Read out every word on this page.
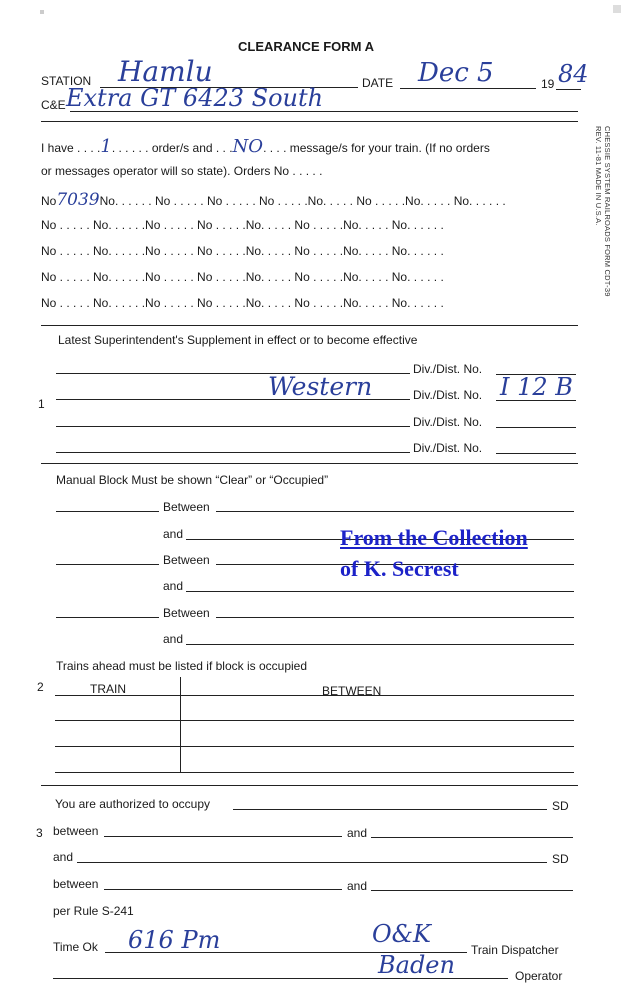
CLEARANCE FORM A
STATION Hamlu	DATE Dec 5	19 84
C&E Extra GT 6423 South
CHESSIE SYSTEM RAILROADS FORM CDT-39
REV. 11-81 MADE IN U.S.A.
I have . . . .1. . . . . . order/s and . . .NO. . . . message/s for your train. (If no orders
or messages operator will so state). Orders No . . . . .
No7039No. . . . . . No . . . . . No . . . . . No . . . . .No. . . . . No . . . . .No. . . . . No. . . . . .
No . . . . . No. . . . . .No . . . . . No . . . . .No. . . . . No . . . . .No. . . . . No. . . . . .
No . . . . . No. . . . . .No . . . . . No . . . . .No. . . . . No . . . . .No. . . . . No. . . . . .
No . . . . . No. . . . . .No . . . . . No . . . . .No. . . . . No . . . . .No. . . . . No. . . . . .
No . . . . . No. . . . . .No . . . . . No . . . . .No. . . . . No . . . . .No. . . . . No. . . . . .
Latest Superintendent's Supplement in effect or to become effective
Div./Dist. No.
1
Western	Div./Dist. No. I 12 B
Div./Dist. No.
Div./Dist. No.
Manual Block Must be shown “Clear” or “Occupied”
Between
and
Between
and
Between
and
From the Collection
of K. Secrest
Trains ahead must be listed if block is occupied
2	TRAIN	BETWEEN
You are authorized to occupy	SD
3 between	and
and	SD
between	and
per Rule S-241
Time Ok 616 Pm	O&K
Train Dispatcher
Baden	Operator
